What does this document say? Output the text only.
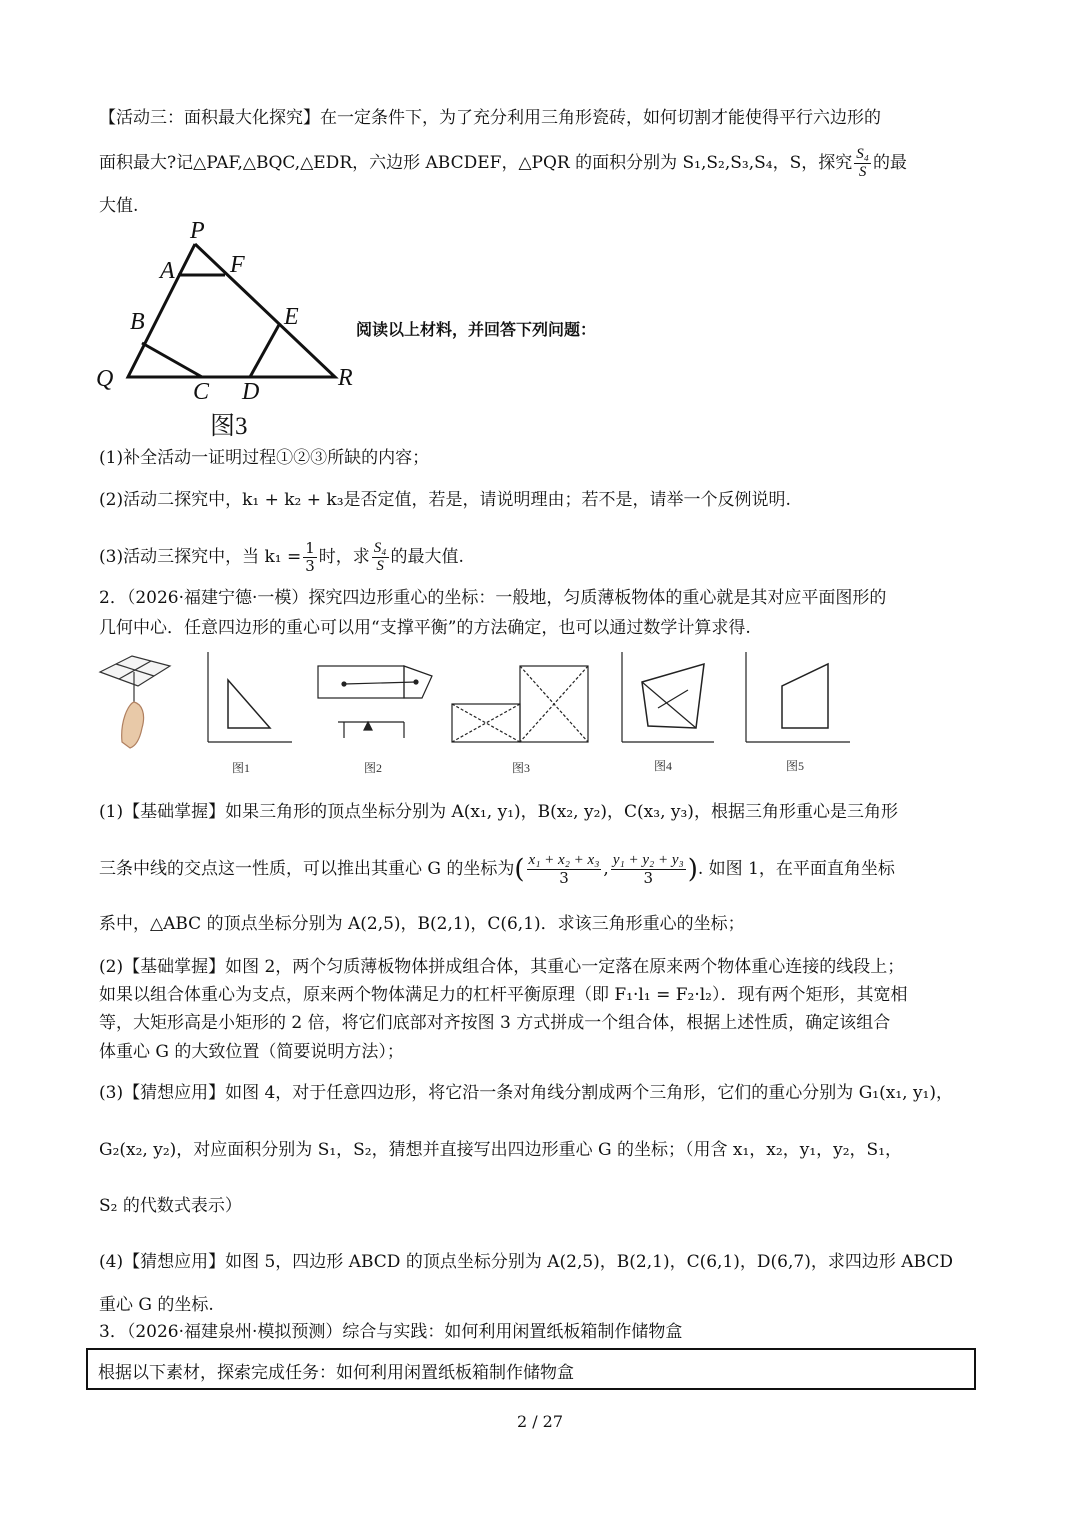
【活动三：面积最大化探究】在一定条件下，为了充分利用三角形瓷砖，如何切割才能使得平行六边形的
面积最大?记△PAF,△BQC,△EDR，六边形 ABCDEF，△PQR 的面积分别为 S₁,S₂,S₃,S₄，S，探究 $\frac{\text{S₄}}{S}$ 的最
大值.
P
A F
B	E
Q	C D
R
图3
阅读以上材料，并回答下列问题：
(1)补全活动一证明过程①②③所缺的内容；
(2)活动二探究中，k₁ + k₂ + k₃是否定值，若是，请说明理由；若不是，请举一个反例说明.
(3)活动三探究中，当 $k_1 = \frac{1}{3}$ 时，求 $\frac{\text{S₄}}{S}$ 的最大值.
2．（2026·福建宁德·一模）探究四边形重心的坐标：一般地，匀质薄板物体的重心就是其对应平面图形的
几何中心．任意四边形的重心可以用“支撑平衡”的方法确定，也可以通过数学计算求得.
图1	图2	图3	图4	图5
(1)【基础掌握】如果三角形的顶点坐标分别为 A(x₁, y₁)，B(x₂, y₂)，C(x₃, y₃)，根据三角形重心是三角形
三条中线的交点这一性质，可以推出其重心 G 的坐标为( $\frac{\text{x₁ + x₂ + x₃}}{3}$ , $\frac{\text{y₁ + y₂ + y₃}}{3}$ ). 如图 1，在平面直角坐标
系中，△ABC 的顶点坐标分别为 A(2,5)，B(2,1)，C(6,1)．求该三角形重心的坐标；
(2)【基础掌握】如图 2，两个匀质薄板物体拼成组合体，其重心一定落在原来两个物体重心连接的线段上；
如果以组合体重心为支点，原来两个物体满足力的杠杆平衡原理（即 F₁·l₁ = F₂·l₂）．现有两个矩形，其宽相
等，大矩形高是小矩形的 2 倍，将它们底部对齐按图 3 方式拼成一个组合体，根据上述性质，确定该组合
体重心 G 的大致位置（简要说明方法）；
(3)【猜想应用】如图 4，对于任意四边形，将它沿一条对角线分割成两个三角形，它们的重心分别为 G₁(x₁, y₁)，
G₂(x₂, y₂)，对应面积分别为 S₁，S₂，猜想并直接写出四边形重心 G 的坐标；（用含 x₁，x₂，y₁，y₂，S₁，
S₂ 的代数式表示）
(4)【猜想应用】如图 5，四边形 ABCD 的顶点坐标分别为 A(2,5)，B(2,1)，C(6,1)，D(6,7)，求四边形 ABCD
重心 G 的坐标.
3．（2026·福建泉州·模拟预测）综合与实践：如何利用闲置纸板箱制作储物盒
根据以下素材，探索完成任务：如何利用闲置纸板箱制作储物盒
2 / 27
